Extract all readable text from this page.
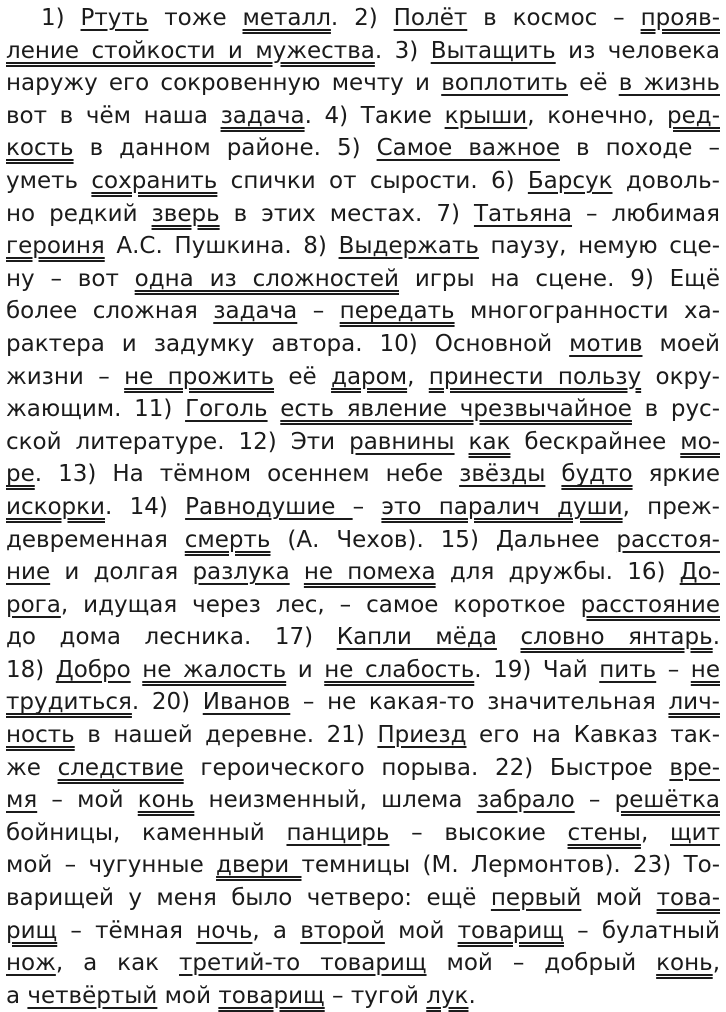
1) Ртуть тоже металл. 2) Полёт в космос – прояв-
ление стойкости и мужества. 3) Вытащить из человека
наружу его сокровенную мечту и воплотить её в жизнь
вот в чём наша задача. 4) Такие крыши, конечно, ред-
кость в данном районе. 5) Самое важное в походе –
уметь сохранить спички от сырости. 6) Барсук доволь-
но редкий зверь в этих местах. 7) Татьяна – любимая
героиня А.С. Пушкина. 8) Выдержать паузу, немую сце-
ну – вот одна из сложностей игры на сцене. 9) Ещё
более сложная задача – передать многогранности ха-
рактера и задумку автора. 10) Основной мотив моей
жизни – не прожить её даром, принести пользу окру-
жающим. 11) Гоголь есть явление чрезвычайное в рус-
ской литературе. 12) Эти равнины как бескрайнее мо-
ре. 13) На тёмном осеннем небе звёзды будто яркие
искорки. 14) Равнодушие – это паралич души, преж-
девременная смерть (А. Чехов). 15) Дальнее расстоя-
ние и долгая разлука не помеха для дружбы. 16) До-
рога, идущая через лес, – самое короткое расстояние
до дома лесника. 17) Капли мёда словно янтарь.
18) Добро не жалость и не слабость. 19) Чай пить – не
трудиться. 20) Иванов – не какая-то значительная лич-
ность в нашей деревне. 21) Приезд его на Кавказ так-
же следствие героического порыва. 22) Быстрое вре-
мя – мой конь неизменный, шлема забрало – решётка
бойницы, каменный панцирь – высокие стены, щит
мой – чугунные двери темницы (М. Лермонтов). 23) То-
варищей у меня было четверо: ещё первый мой това-
рищ – тёмная ночь, а второй мой товарищ – булатный
нож, а как третий-то товарищ мой – добрый конь,
а четвёртый мой товарищ – тугой лук.
